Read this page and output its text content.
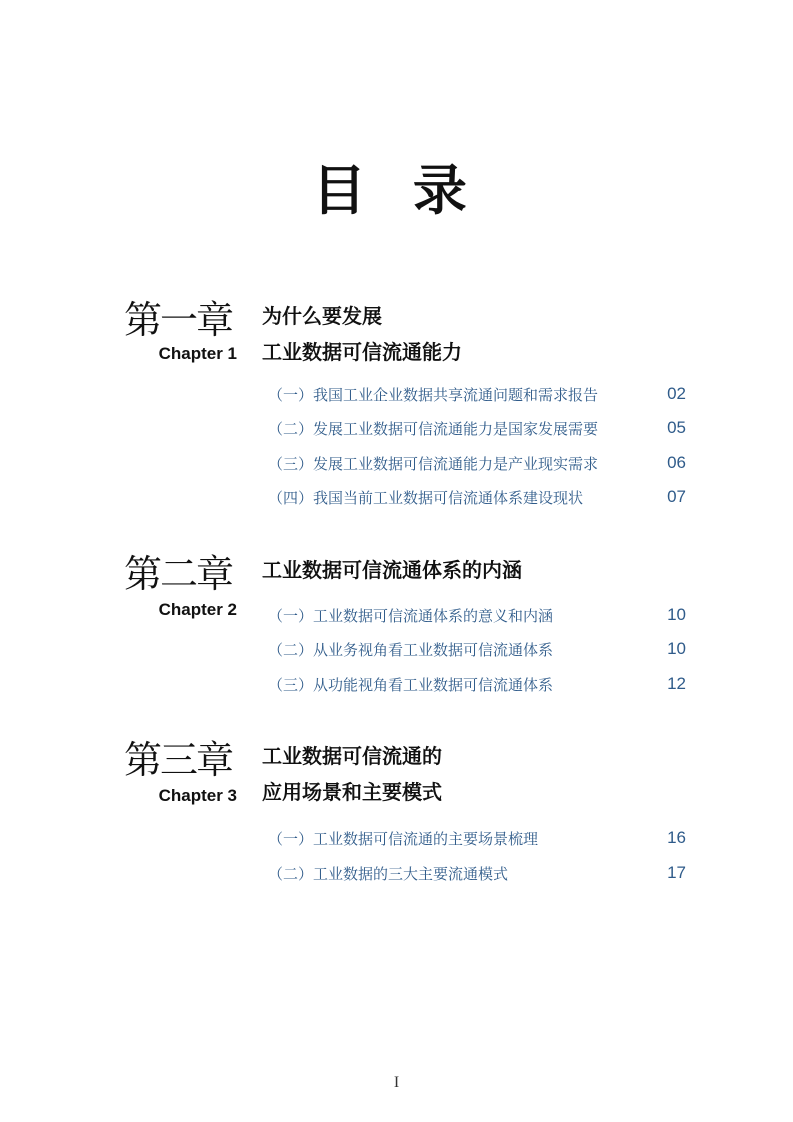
目 录
第一章
Chapter 1
为什么要发展
工业数据可信流通能力
（一）我国工业企业数据共享流通问题和需求报告	02
（二）发展工业数据可信流通能力是国家发展需要	05
（三）发展工业数据可信流通能力是产业现实需求	06
（四）我国当前工业数据可信流通体系建设现状	07
第二章
Chapter 2
工业数据可信流通体系的内涵
（一）工业数据可信流通体系的意义和内涵	10
（二）从业务视角看工业数据可信流通体系	10
（三）从功能视角看工业数据可信流通体系	12
第三章
Chapter 3
工业数据可信流通的
应用场景和主要模式
（一）工业数据可信流通的主要场景梳理	16
（二）工业数据的三大主要流通模式	17
I
